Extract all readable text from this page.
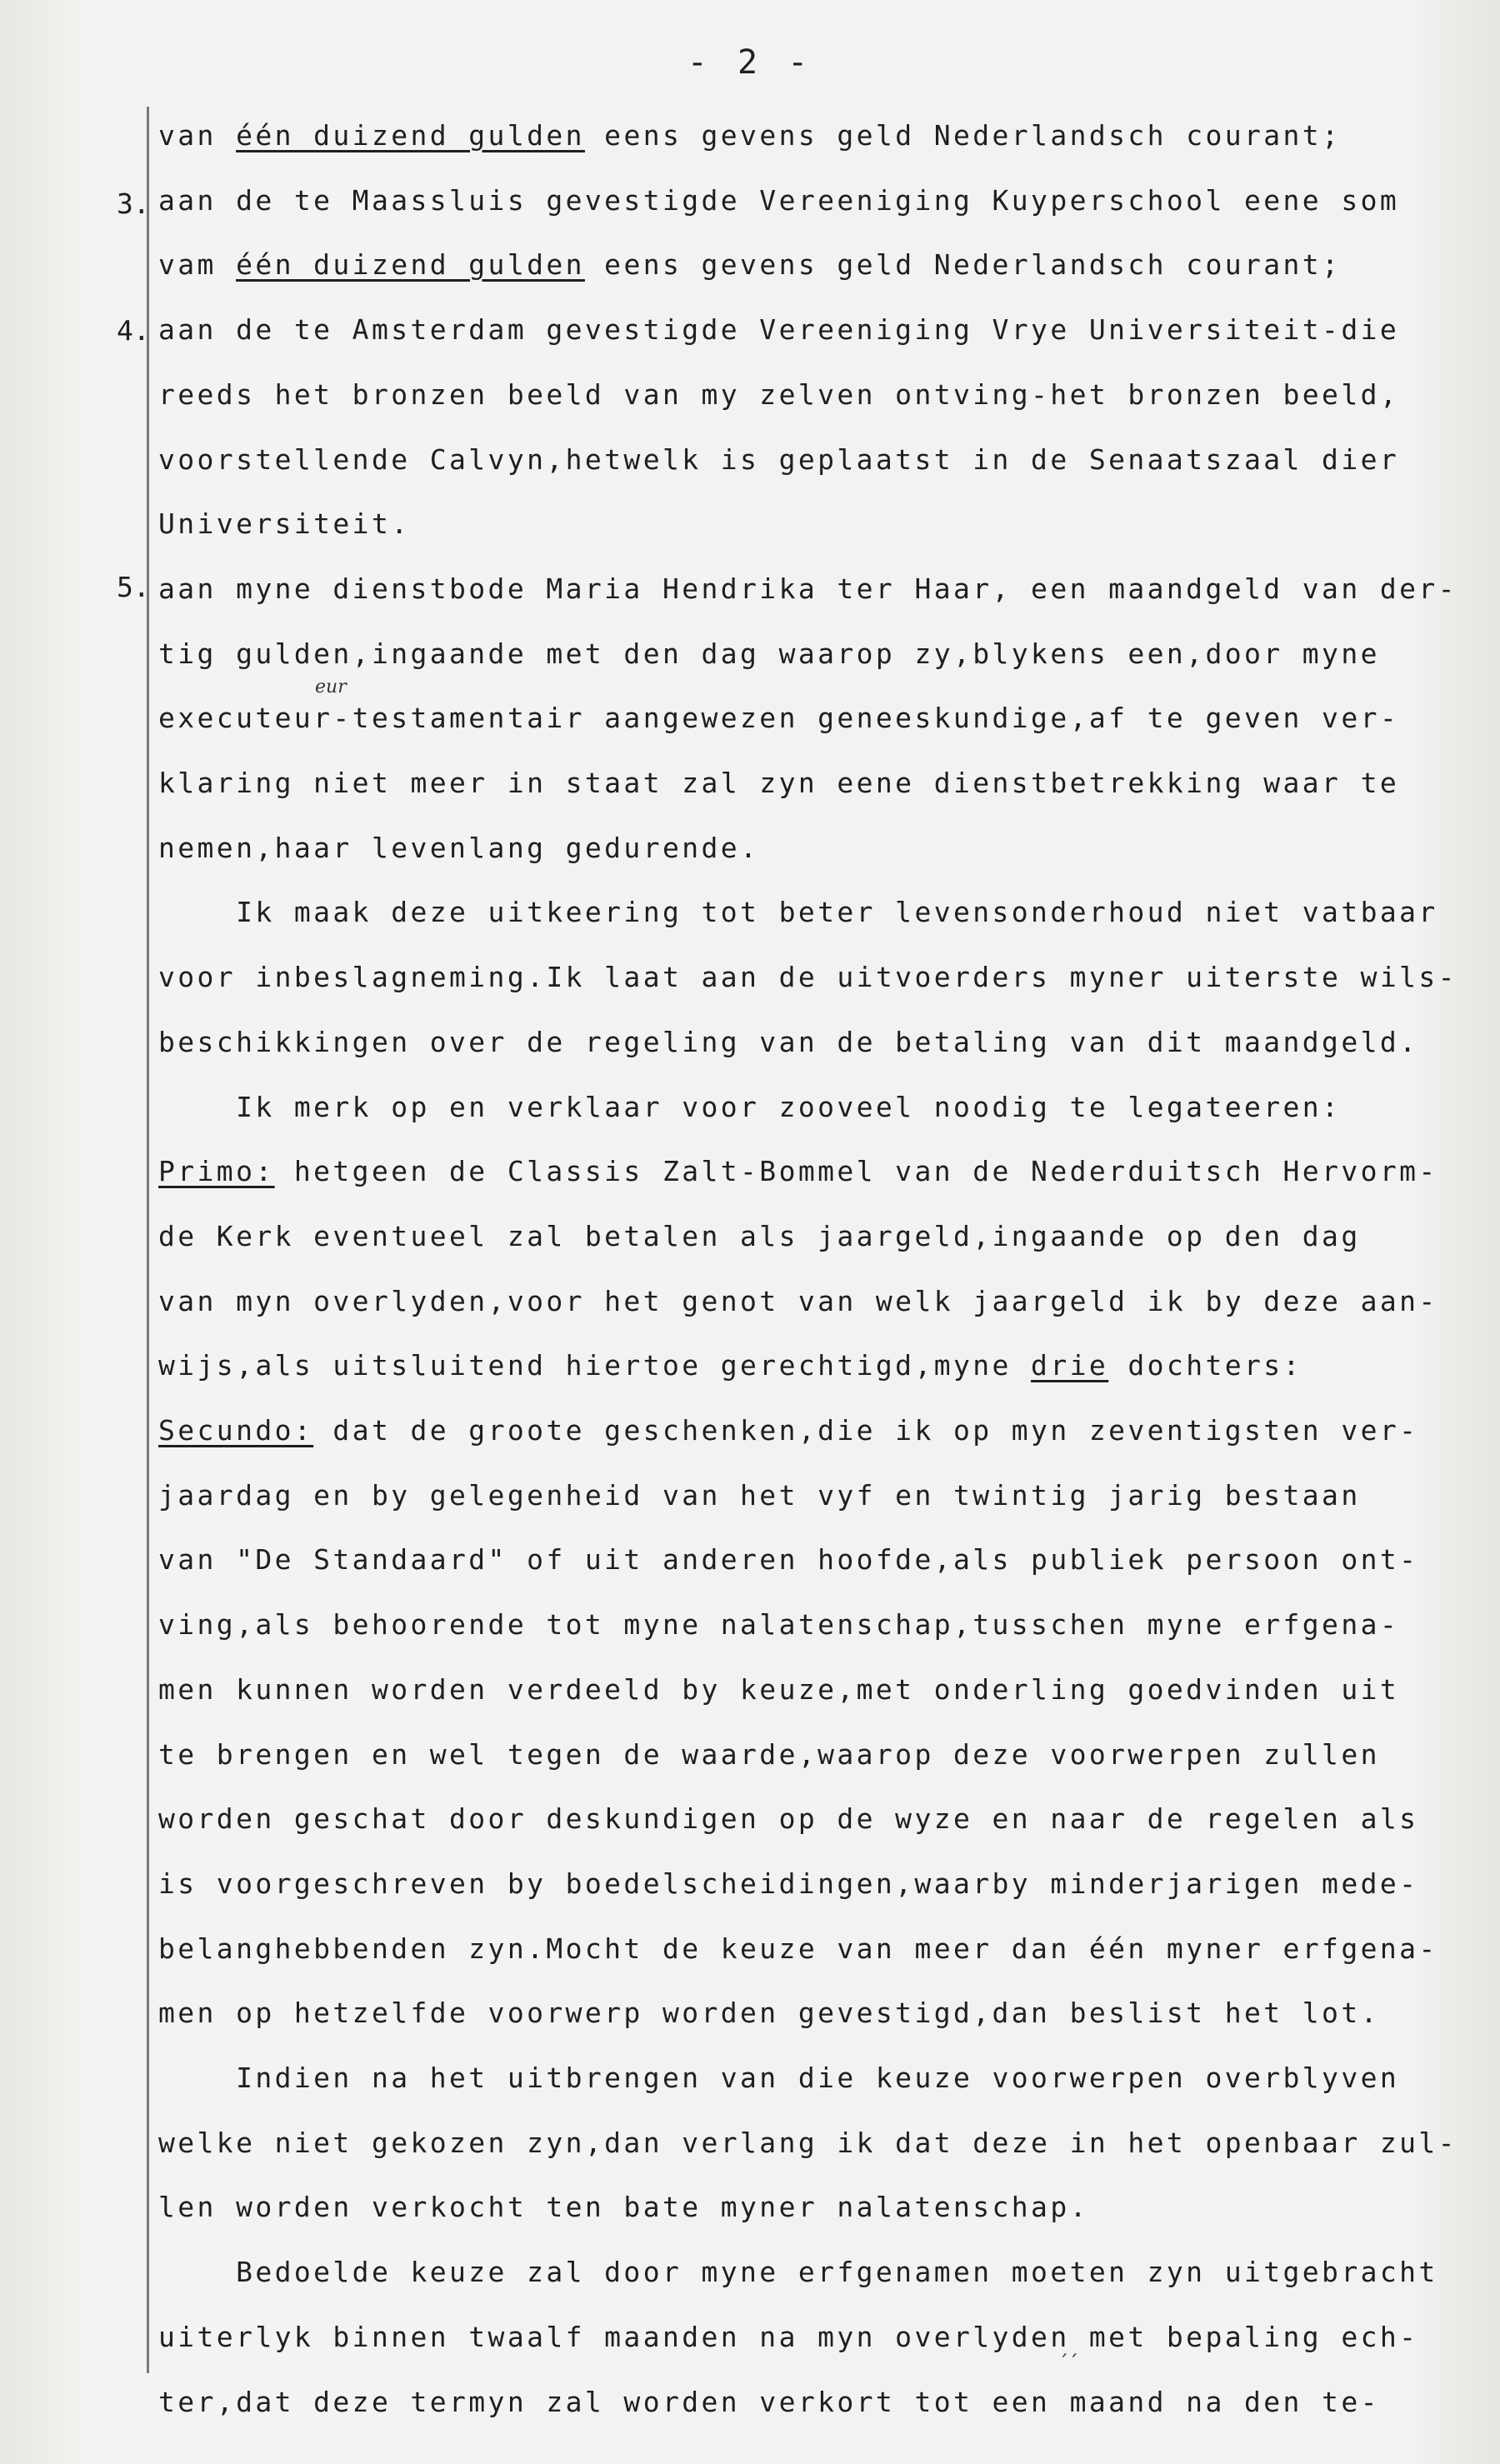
- 2 -
van één duizend gulden eens gevens geld Nederlandsch courant;
aan de te Maassluis gevestigde Vereeniging Kuyperschool eene som
vam één duizend gulden eens gevens geld Nederlandsch courant;
aan de te Amsterdam gevestigde Vereeniging Vrye Universiteit-die
reeds het bronzen beeld van my zelven ontving-het bronzen beeld,
voorstellende Calvyn,hetwelk is geplaatst in de Senaatszaal dier
Universiteit.
aan myne dienstbode Maria Hendrika ter Haar, een maandgeld van der-
tig gulden,ingaande met den dag waarop zy,blykens een,door myne
executeur-testamentair aangewezen geneeskundige,af te geven ver-
klaring niet meer in staat zal zyn eene dienstbetrekking waar te
nemen,haar levenlang gedurende.
Ik maak deze uitkeering tot beter levensonderhoud niet vatbaar
voor inbeslagneming.Ik laat aan de uitvoerders myner uiterste wils-
beschikkingen over de regeling van de betaling van dit maandgeld.
Ik merk op en verklaar voor zooveel noodig te legateeren:
Primo: hetgeen de Classis Zalt-Bommel van de Nederduitsch Hervorm-
de Kerk eventueel zal betalen als jaargeld,ingaande op den dag
van myn overlyden,voor het genot van welk jaargeld ik by deze aan-
wijs,als uitsluitend hiertoe gerechtigd,myne drie dochters:
Secundo: dat de groote geschenken,die ik op myn zeventigsten ver-
jaardag en by gelegenheid van het vyf en twintig jarig bestaan
van "De Standaard" of uit anderen hoofde,als publiek persoon ont-
ving,als behoorende tot myne nalatenschap,tusschen myne erfgena-
men kunnen worden verdeeld by keuze,met onderling goedvinden uit
te brengen en wel tegen de waarde,waarop deze voorwerpen zullen
worden geschat door deskundigen op de wyze en naar de regelen als
is voorgeschreven by boedelscheidingen,waarby minderjarigen mede-
belanghebbenden zyn.Mocht de keuze van meer dan één myner erfgena-
men op hetzelfde voorwerp worden gevestigd,dan beslist het lot.
Indien na het uitbrengen van die keuze voorwerpen overblyven
welke niet gekozen zyn,dan verlang ik dat deze in het openbaar zul-
len worden verkocht ten bate myner nalatenschap.
Bedoelde keuze zal door myne erfgenamen moeten zyn uitgebracht
uiterlyk binnen twaalf maanden na myn overlyden met bepaling ech-
ter,dat deze termyn zal worden verkort tot een maand na den te-
3.
4.
5.
eur
´´
